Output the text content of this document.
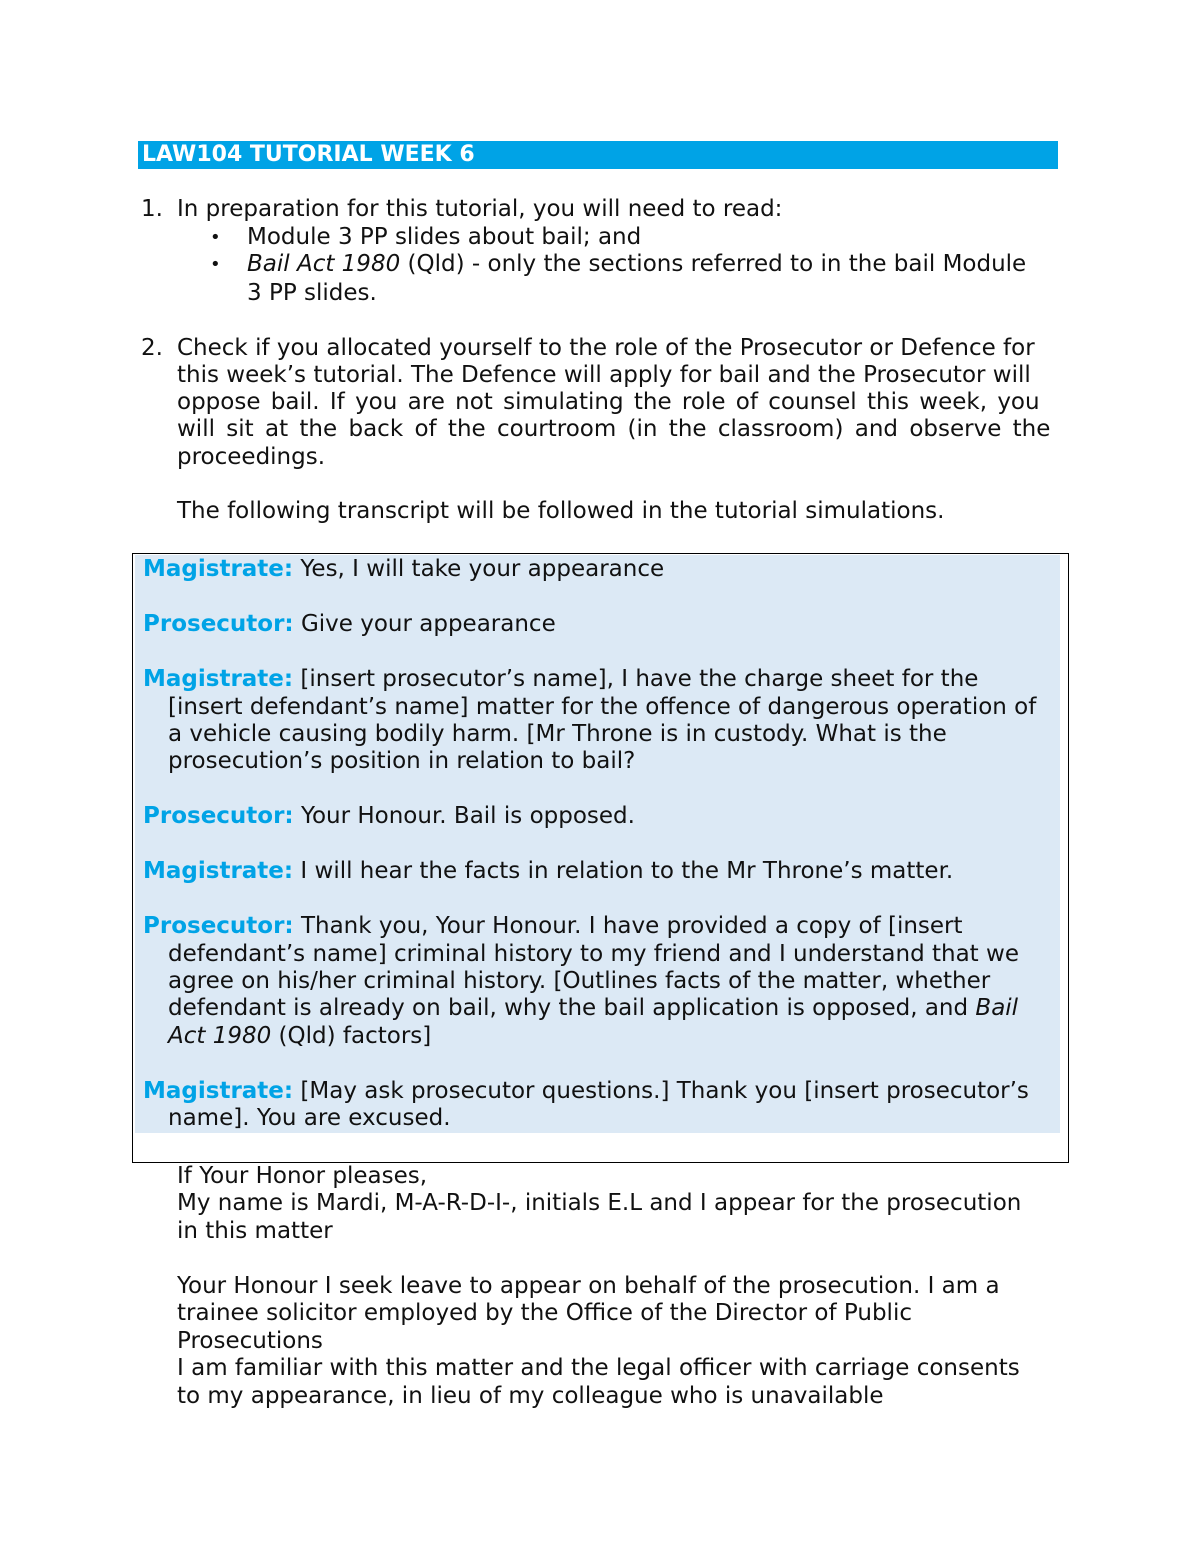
LAW104 TUTORIAL WEEK 6
1. In preparation for this tutorial, you will need to read:
• Module 3 PP slides about bail; and
• Bail Act 1980 (Qld) - only the sections referred to in the bail Module
3 PP slides.
2. Check if you allocated yourself to the role of the Prosecutor or Defence for
this week’s tutorial. The Defence will apply for bail and the Prosecutor will
oppose bail. If you are not simulating the role of counsel this week, you
will sit at the back of the courtroom (in the classroom) and observe the
proceedings.
The following transcript will be followed in the tutorial simulations.
Magistrate: Yes, I will take your appearance
Prosecutor: Give your appearance
Magistrate: [insert prosecutor’s name], I have the charge sheet for the
[insert defendant’s name] matter for the offence of dangerous operation of
a vehicle causing bodily harm. [Mr Throne is in custody. What is the
prosecution’s position in relation to bail?
Prosecutor: Your Honour. Bail is opposed.
Magistrate: I will hear the facts in relation to the Mr Throne’s matter.
Prosecutor: Thank you, Your Honour. I have provided a copy of [insert
defendant’s name] criminal history to my friend and I understand that we
agree on his/her criminal history. [Outlines facts of the matter, whether
defendant is already on bail, why the bail application is opposed, and Bail
Act 1980 (Qld) factors]
Magistrate: [May ask prosecutor questions.] Thank you [insert prosecutor’s
name]. You are excused.
If Your Honor pleases,
My name is Mardi, M-A-R-D-I-, initials E.L and I appear for the prosecution
in this matter
Your Honour I seek leave to appear on behalf of the prosecution. I am a
trainee solicitor employed by the Office of the Director of Public
Prosecutions
I am familiar with this matter and the legal officer with carriage consents
to my appearance, in lieu of my colleague who is unavailable
